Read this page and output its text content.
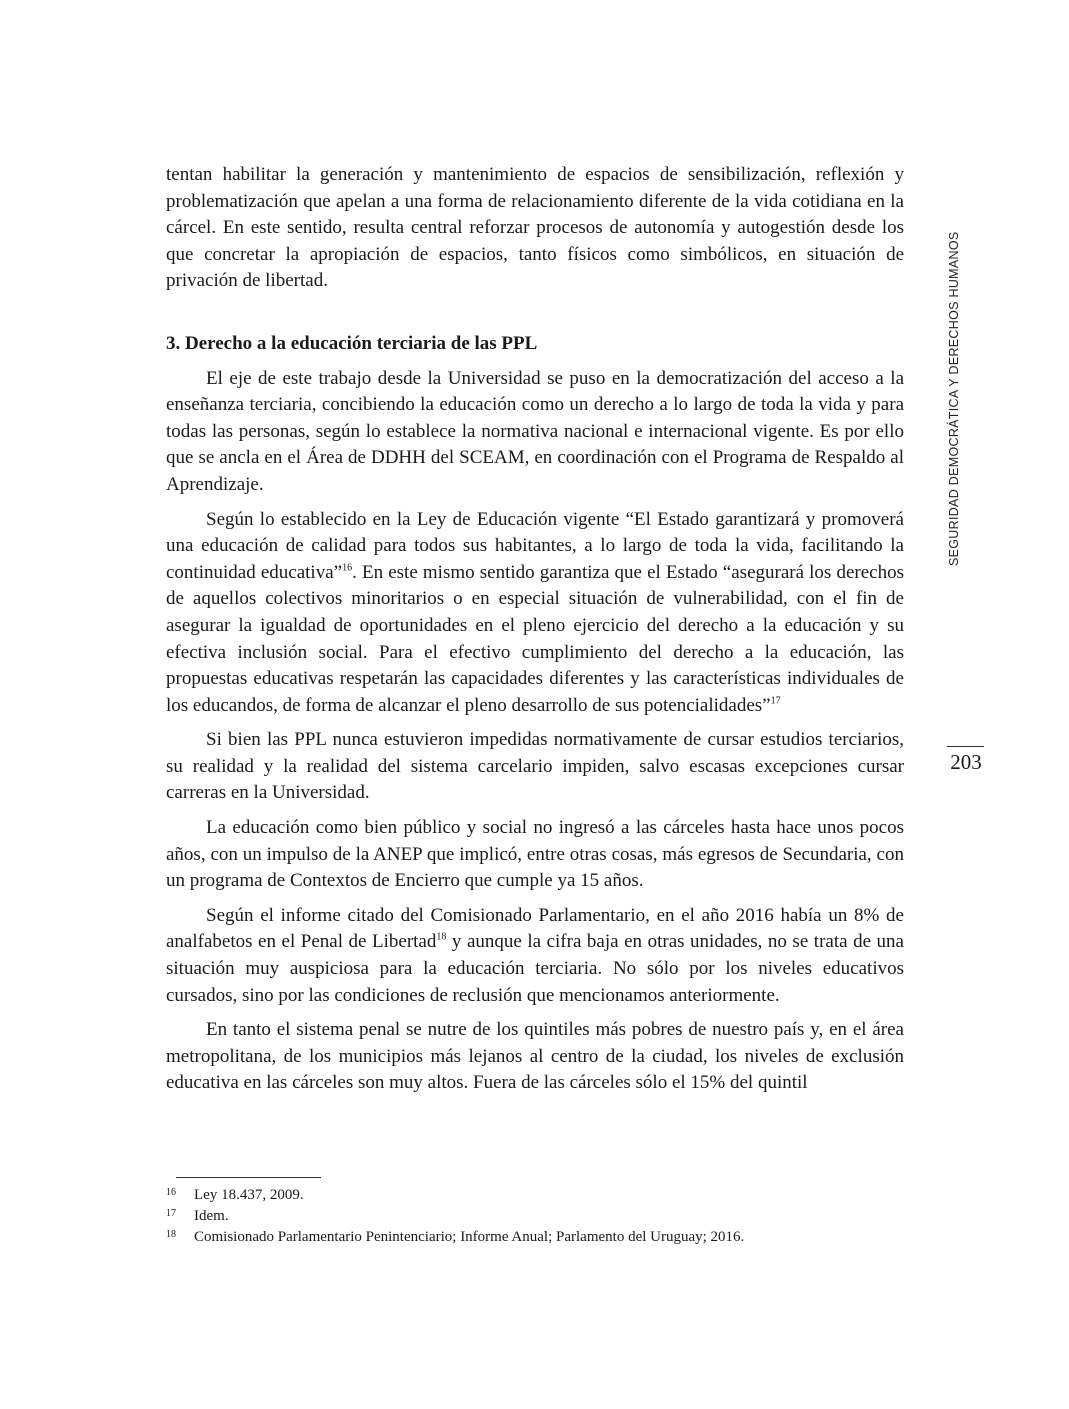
tentan habilitar la generación y mantenimiento de espacios de sensibilización, reflexión y problematización que apelan a una forma de relacionamiento diferente de la vida cotidiana en la cárcel. En este sentido, resulta central reforzar procesos de autonomía y autogestión desde los que concretar la apropiación de espacios, tanto físicos como simbólicos, en situación de privación de libertad.

3. Derecho a la educación terciaria de las PPL

El eje de este trabajo desde la Universidad se puso en la democratización del acceso a la enseñanza terciaria, concibiendo la educación como un derecho a lo largo de toda la vida y para todas las personas, según lo establece la normativa nacional e internacional vigente. Es por ello que se ancla en el Área de DDHH del SCEAM, en coordinación con el Programa de Respaldo al Aprendizaje.

Según lo establecido en la Ley de Educación vigente “El Estado garantizará y promoverá una educación de calidad para todos sus habitantes, a lo largo de toda la vida, facilitando la continuidad educativa”$^{16}$. En este mismo sentido garantiza que el Estado “asegurará los derechos de aquellos colectivos minoritarios o en especial situación de vulnerabilidad, con el fin de asegurar la igualdad de oportunidades en el pleno ejercicio del derecho a la educación y su efectiva inclusión social. Para el efectivo cumplimiento del derecho a la educación, las propuestas educativas respetarán las capacidades diferentes y las características individuales de los educandos, de forma de alcanzar el pleno desarrollo de sus potencialidades”$^{17}$

Si bien las PPL nunca estuvieron impedidas normativamente de cursar estudios terciarios, su realidad y la realidad del sistema carcelario impiden, salvo escasas excepciones cursar carreras en la Universidad.

La educación como bien público y social no ingresó a las cárceles hasta hace unos pocos años, con un impulso de la ANEP que implicó, entre otras cosas, más egresos de Secundaria, con un programa de Contextos de Encierro que cumple ya 15 años.

Según el informe citado del Comisionado Parlamentario, en el año 2016 había un 8% de analfabetos en el Penal de Libertad$^{18}$ y aunque la cifra baja en otras unidades, no se trata de una situación muy auspiciosa para la educación terciaria. No sólo por los niveles educativos cursados, sino por las condiciones de reclusión que mencionamos anteriormente.

En tanto el sistema penal se nutre de los quintiles más pobres de nuestro país y, en el área metropolitana, de los municipios más lejanos al centro de la ciudad, los niveles de exclusión educativa en las cárceles son muy altos. Fuera de las cárceles sólo el 15% del quintil

SEGURIDAD DEMOCRÁTICA Y DERECHOS HUMANOS
203
16	Ley 18.437, 2009.
17	Idem.
18	Comisionado Parlamentario Penintenciario; Informe Anual; Parlamento del Uruguay; 2016.
